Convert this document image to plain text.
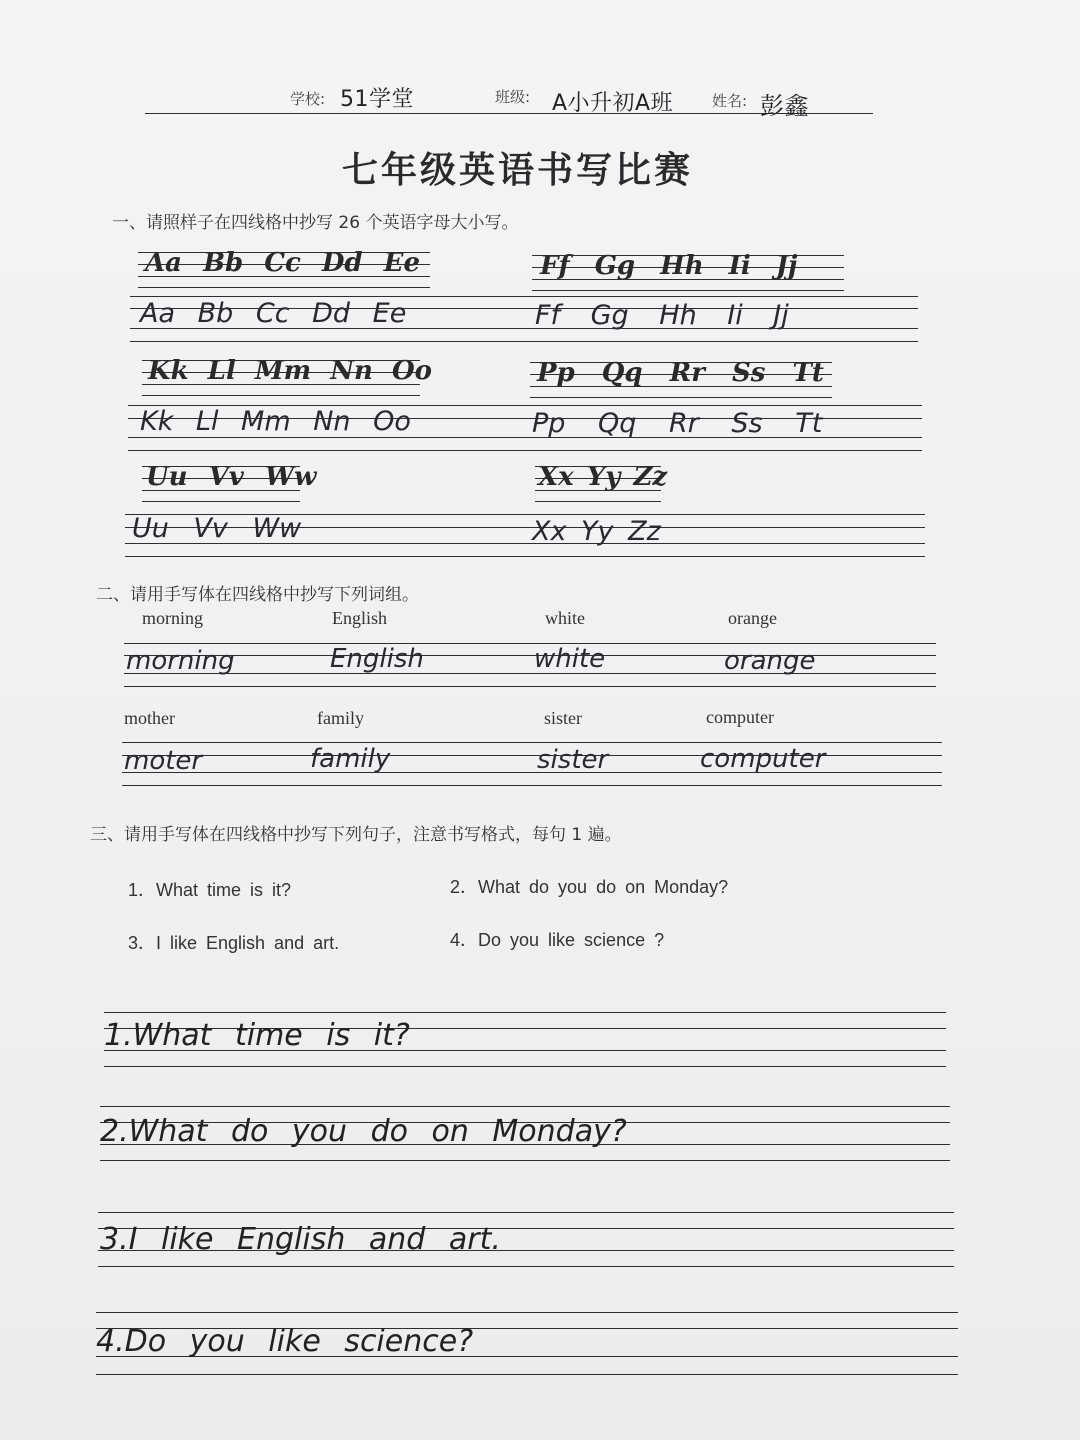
学校: 51学堂	班级: A小升初A班	姓名: 彭鑫
七年级英语书写比赛
一、请照样子在四线格中抄写 26 个英语字母大小写。
Aa Bb Cc Dd Ee	Ff Gg Hh Ii Jj
Aa Bb Cc Dd Ee	Ff Gg Hh Ii Jj
Kk Ll Mm Nn Oo	Pp Qq Rr Ss Tt
Kk Ll Mm Nn Oo	Pp Qq Rr Ss Tt
Uu Vv Ww	Xx Yy Zz
Uu Vv Ww	Xx Yy Zz
二、请用手写体在四线格中抄写下列词组。
morning	English	white	orange
morning	English	white	orange
mother	family	sister	computer
moter	family	sister	computer
三、请用手写体在四线格中抄写下列句子，注意书写格式，每句 1 遍。
1．What time is it?	2．What do you do on Monday?
3．I like English and art.	4．Do you like science ?
1.What time is it?
2.What do you do on Monday?
3.I like English and art.
4.Do you like science?
